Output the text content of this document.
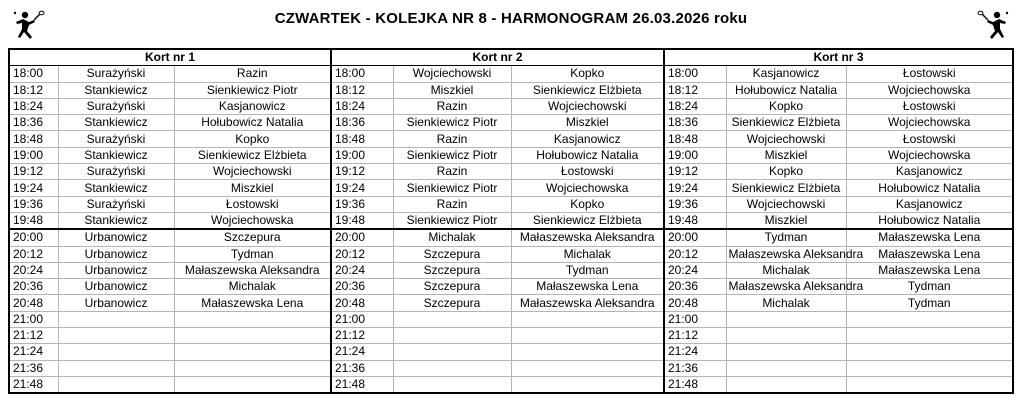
CZWARTEK - KOLEJKA NR 8 - HARMONOGRAM 26.03.2026 roku
Kort nr 1			Kort nr 2			Kort nr 3		
18:00	Surażyński	Razin	18:00	Wojciechowski	Kopko	18:00	Kasjanowicz	Łostowski
18:12	Stankiewicz	Sienkiewicz Piotr	18:12	Miszkiel	Sienkiewicz Elżbieta	18:12	Hołubowicz Natalia	Wojciechowska
18:24	Surażyński	Kasjanowicz	18:24	Razin	Wojciechowski	18:24	Kopko	Łostowski
18:36	Stankiewicz	Hołubowicz Natalia	18:36	Sienkiewicz Piotr	Miszkiel	18:36	Sienkiewicz Elżbieta	Wojciechowska
18:48	Surażyński	Kopko	18:48	Razin	Kasjanowicz	18:48	Wojciechowski	Łostowski
19:00	Stankiewicz	Sienkiewicz Elżbieta	19:00	Sienkiewicz Piotr	Hołubowicz Natalia	19:00	Miszkiel	Wojciechowska
19:12	Surażyński	Wojciechowski	19:12	Razin	Łostowski	19:12	Kopko	Kasjanowicz
19:24	Stankiewicz	Miszkiel	19:24	Sienkiewicz Piotr	Wojciechowska	19:24	Sienkiewicz Elżbieta	Hołubowicz Natalia
19:36	Surażyński	Łostowski	19:36	Razin	Kopko	19:36	Wojciechowski	Kasjanowicz
19:48	Stankiewicz	Wojciechowska	19:48	Sienkiewicz Piotr	Sienkiewicz Elżbieta	19:48	Miszkiel	Hołubowicz Natalia
20:00	Urbanowicz	Szczepura	20:00	Michalak	Małaszewska Aleksandra	20:00	Tydman	Małaszewska Lena
20:12	Urbanowicz	Tydman	20:12	Szczepura	Michalak	20:12	Małaszewska Aleksandra	Małaszewska Lena
20:24	Urbanowicz	Małaszewska Aleksandra	20:24	Szczepura	Tydman	20:24	Michalak	Małaszewska Lena
20:36	Urbanowicz	Michalak	20:36	Szczepura	Małaszewska Lena	20:36	Małaszewska Aleksandra	Tydman
20:48	Urbanowicz	Małaszewska Lena	20:48	Szczepura	Małaszewska Aleksandra	20:48	Michalak	Tydman
21:00			21:00			21:00		
21:12			21:12			21:12		
21:24			21:24			21:24		
21:36			21:36			21:36		
21:48			21:48			21:48		
